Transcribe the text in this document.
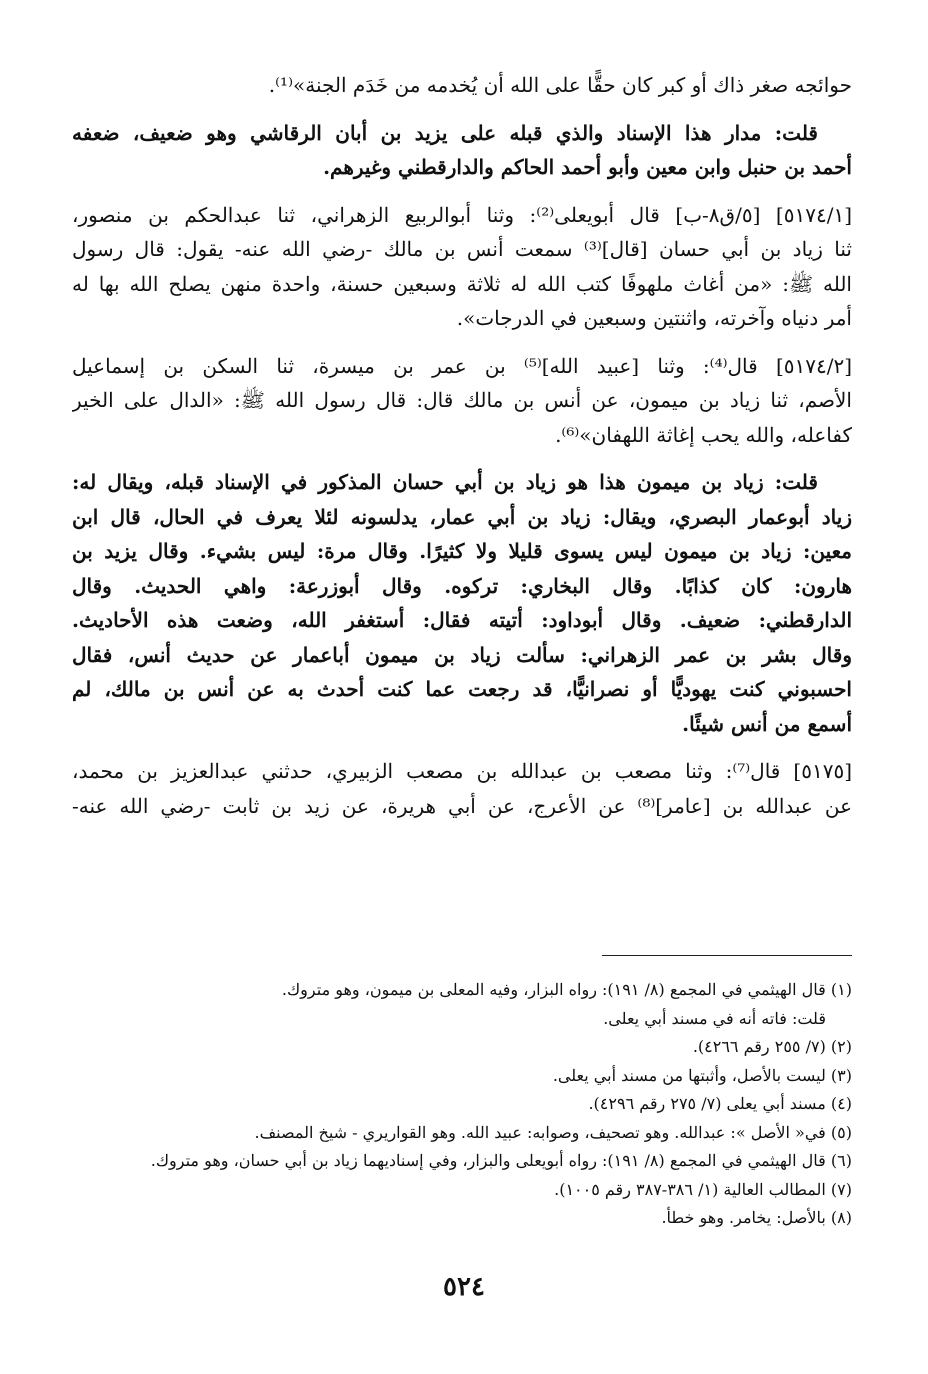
حوائجه صغر ذاك أو كبر كان حقًّا على الله أن يُخدمه من خَدَم الجنة»⁽¹⁾.

قلت: مدار هذا الإسناد والذي قبله على يزيد بن أبان الرقاشي وهو ضعيف، ضعفه
أحمد بن حنبل وابن معين وأبو أحمد الحاكم والدارقطني وغيرهم.

[٥١٧٤/١] [٥/ق٨-ب] قال أبويعلى⁽²⁾: وثنا أبوالربيع الزهراني، ثنا عبدالحكم بن منصور،
ثنا زياد بن أبي حسان [قال]⁽³⁾ سمعت أنس بن مالك -رضي الله عنه- يقول: قال رسول
الله ﷺ: «من أغاث ملهوفًا كتب الله له ثلاثة وسبعين حسنة، واحدة منهن يصلح الله بها له
أمر دنياه وآخرته، واثنتين وسبعين في الدرجات».

[٥١٧٤/٢] قال⁽⁴⁾: وثنا [عبيد الله]⁽⁵⁾ بن عمر بن ميسرة، ثنا السكن بن إسماعيل
الأصم، ثنا زياد بن ميمون، عن أنس بن مالك قال: قال رسول الله ﷺ: «الدال على الخير
كفاعله، والله يحب إغاثة اللهفان»⁽⁶⁾.

قلت: زياد بن ميمون هذا هو زياد بن أبي حسان المذكور في الإسناد قبله، ويقال له:
زياد أبوعمار البصري، ويقال: زياد بن أبي عمار، يدلسونه لئلا يعرف في الحال، قال ابن
معين: زياد بن ميمون ليس يسوى قليلا ولا كثيرًا. وقال مرة: ليس بشيء. وقال يزيد بن
هارون: كان كذابًا. وقال البخاري: تركوه. وقال أبوزرعة: واهي الحديث. وقال
الدارقطني: ضعيف. وقال أبوداود: أتيته فقال: أستغفر الله، وضعت هذه الأحاديث.
وقال بشر بن عمر الزهراني: سألت زياد بن ميمون أباعمار عن حديث أنس، فقال
احسبوني كنت يهوديًّا أو نصرانيًّا، قد رجعت عما كنت أحدث به عن أنس بن مالك، لم
أسمع من أنس شيئًا.

[٥١٧٥] قال⁽⁷⁾: وثنا مصعب بن عبدالله بن مصعب الزبيري، حدثني عبدالعزيز بن محمد،
عن عبدالله بن [عامر]⁽⁸⁾ عن الأعرج، عن أبي هريرة، عن زيد بن ثابت -رضي الله عنه-

(١) قال الهيثمي في المجمع (٨/ ١٩١): رواه البزار، وفيه المعلى بن ميمون، وهو متروك.
قلت: فاته أنه في مسند أبي يعلى.
(٢) (٧/ ٢٥٥ رقم ٤٢٦٦).
(٣) ليست بالأصل، وأثبتها من مسند أبي يعلى.
(٤) مسند أبي يعلى (٧/ ٢٧٥ رقم ٤٢٩٦).
(٥) في« الأصل »: عبدالله. وهو تصحيف، وصوابه: عبيد الله. وهو القواريري - شيخ المصنف.
(٦) قال الهيثمي في المجمع (٨/ ١٩١): رواه أبويعلى والبزار، وفي إسناديهما زياد بن أبي حسان، وهو متروك.
(٧) المطالب العالية (١/ ٣٨٦-٣٨٧ رقم ١٠٠٥).
(٨) بالأصل: يخامر. وهو خطأ.
٥٢٤
